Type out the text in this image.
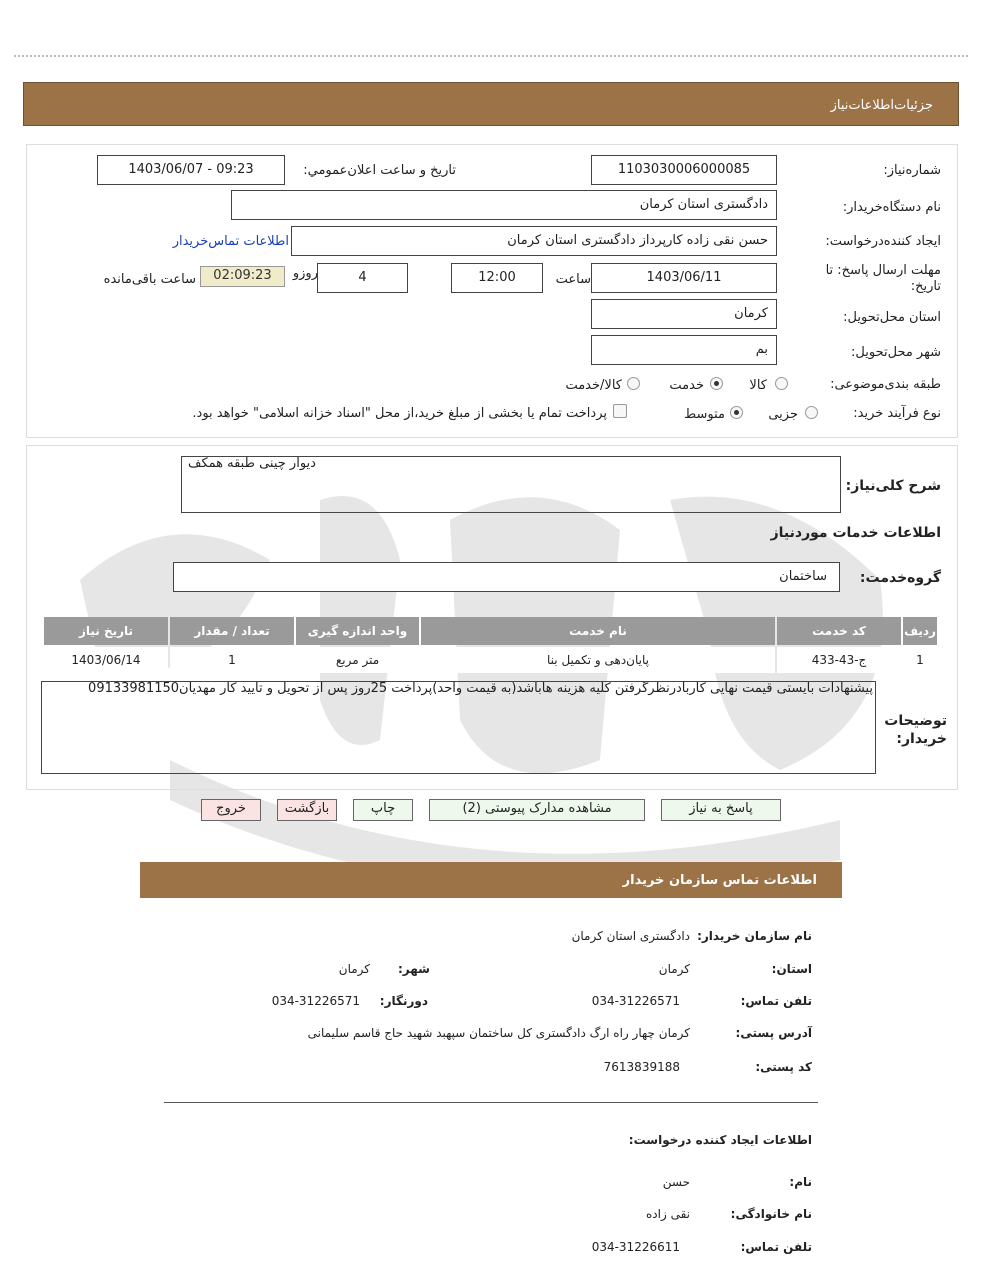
جزئیات‌اطلاعات‌نیاز
شماره‌نیاز:
1103030006000085
تاريخ و ساعت اعلان‌عمومي:
1403/06/07 - 09:23
نام دستگاه‌خریدار:
دادگستری استان کرمان
ایجاد کننده‌درخواست:
حسن نقی زاده کارپرداز دادگستری استان کرمان
اطلاعات تماس‌خریدار
مهلت ارسال پاسخ: تا تاریخ:
1403/06/11
ساعت
12:00
4
روزو
02:09:23
ساعت باقی‌مانده
استان محل‌تحویل:
کرمان
شهر محل‌تحویل:
بم
طبقه بندی‌موضوعی:
کالا
خدمت
کالا/خدمت
نوع فرآیند خرید:
جزیی
متوسط
پرداخت تمام یا بخشی از مبلغ خرید،از محل "اسناد خزانه اسلامی" خواهد بود.
شرح کلی‌نیاز:
دیوار چینی طبقه همکف
اطلاعات خدمات موردنیاز
گروه‌خدمت:
ساختمان
ردیف	کد خدمت	نام خدمت	واحد اندازه گیری	تعداد / مقدار	تاریخ نیاز
1	ج-43-433	پایان‌دهی و تکمیل بنا	متر مربع	1	1403/06/14
توضیحات خریدار:
پیشنهادات بایستی قیمت نهایی کاربادرنظرگرفتن کلیه هزینه هاباشد(به قیمت واحد)پرداخت 25روز پس از تحویل و تایید کار مهدیان09133981150
پاسخ به نیاز
مشاهده مدارک پیوستی (2)
چاپ
بازگشت
خروج
اطلاعات تماس سازمان خریدار
نام سازمان خریدار:
دادگستری استان کرمان
استان:
کرمان
شهر:
کرمان
تلفن تماس:
034-31226571
دورنگار:
034-31226571
آدرس پستی:
کرمان چهار راه ارگ دادگستری کل ساختمان سپهبد شهید حاج قاسم سلیمانی
کد پستی:
7613839188
اطلاعات ایجاد کننده درخواست:
نام:
حسن
نام خانوادگی:
نقی زاده
تلفن تماس:
034-31226611
